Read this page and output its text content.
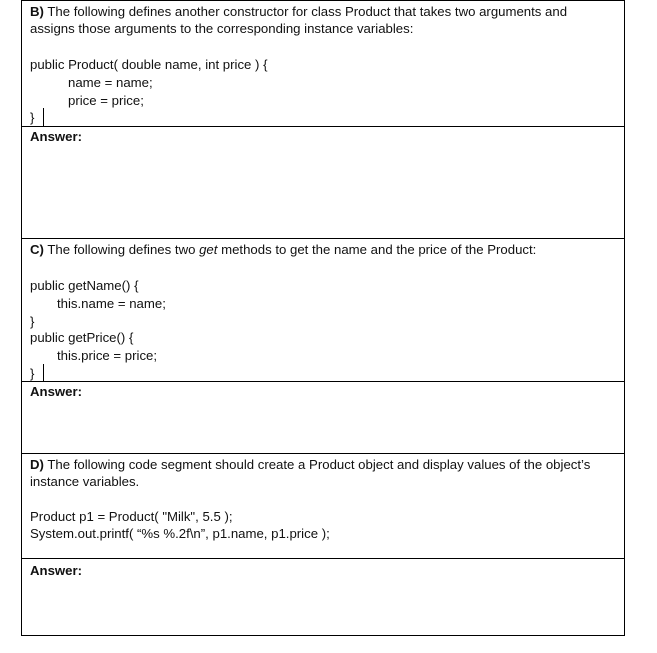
B) The following defines another constructor for class Product that takes two arguments and
assigns those arguments to the corresponding instance variables:
public Product( double name, int price ) {
name = name;
price = price;
}
Answer:
C) The following defines two get methods to get the name and the price of the Product:
public getName() {
this.name = name;
}
public getPrice() {
this.price = price;
}
Answer:
D) The following code segment should create a Product object and display values of the object’s
instance variables.
Product p1 = Product( "Milk", 5.5 );
System.out.printf( “%s %.2f\n”, p1.name, p1.price );
Answer:
